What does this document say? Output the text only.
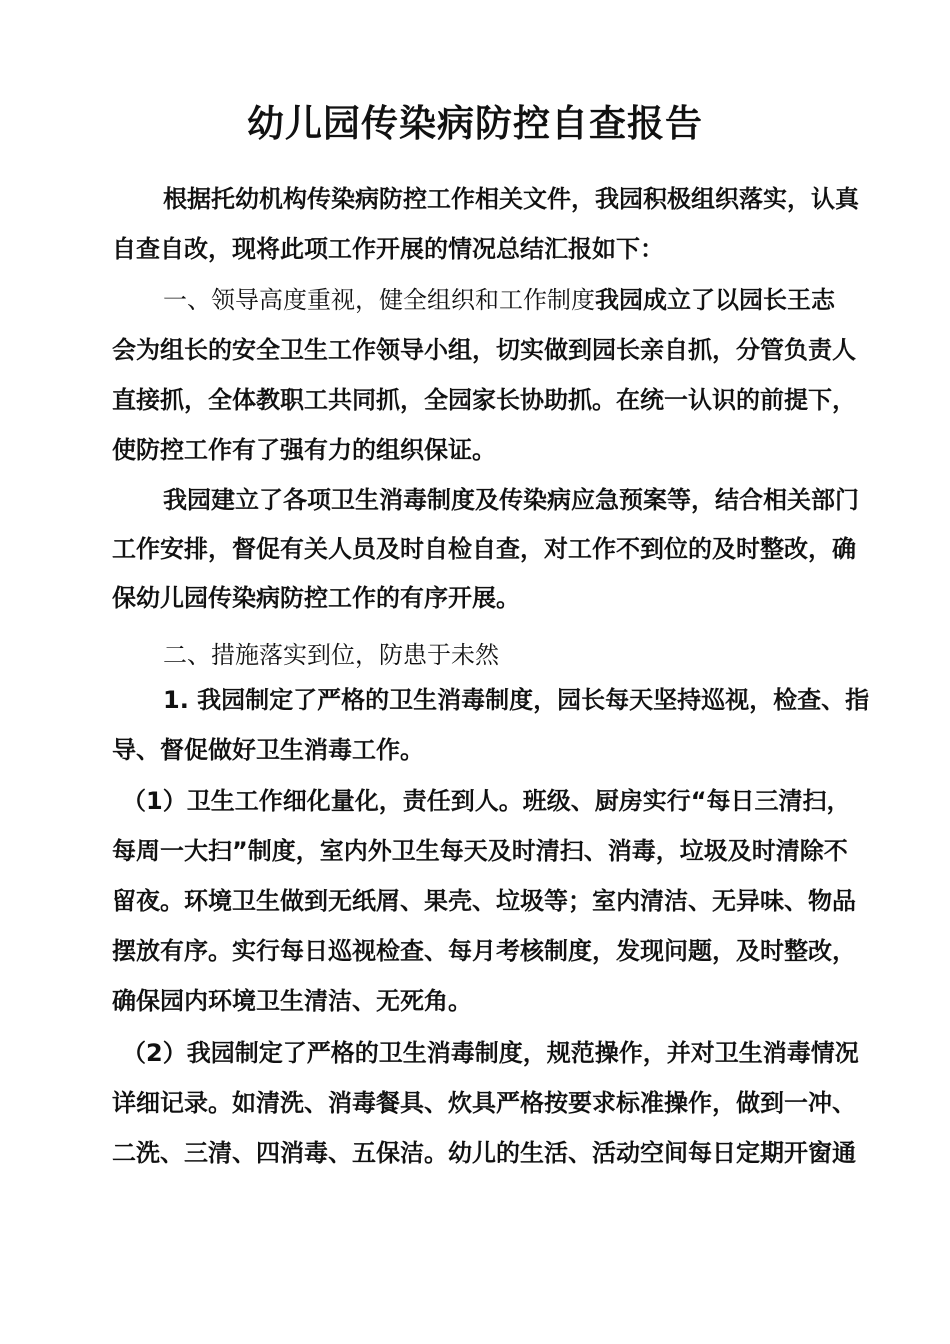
幼儿园传染病防控自查报告
根据托幼机构传染病防控工作相关文件，我园积极组织落实，认真
自查自改，现将此项工作开展的情况总结汇报如下：
一、领导高度重视，健全组织和工作制度我园成立了以园长王志
会为组长的安全卫生工作领导小组，切实做到园长亲自抓，分管负责人
直接抓，全体教职工共同抓，全园家长协助抓。在统一认识的前提下，
使防控工作有了强有力的组织保证。
我园建立了各项卫生消毒制度及传染病应急预案等，结合相关部门
工作安排，督促有关人员及时自检自查，对工作不到位的及时整改，确
保幼儿园传染病防控工作的有序开展。
二、措施落实到位，防患于未然
1. 我园制定了严格的卫生消毒制度，园长每天坚持巡视，检查、指
导、督促做好卫生消毒工作。
（1）卫生工作细化量化，责任到人。班级、厨房实行“每日三清扫，
每周一大扫”制度，室内外卫生每天及时清扫、消毒，垃圾及时清除不
留夜。环境卫生做到无纸屑、果壳、垃圾等；室内清洁、无异味、物品
摆放有序。实行每日巡视检查、每月考核制度，发现问题，及时整改，
确保园内环境卫生清洁、无死角。
（2）我园制定了严格的卫生消毒制度，规范操作，并对卫生消毒情况
详细记录。如清洗、消毒餐具、炊具严格按要求标准操作，做到一冲、
二洗、三清、四消毒、五保洁。幼儿的生活、活动空间每日定期开窗通
